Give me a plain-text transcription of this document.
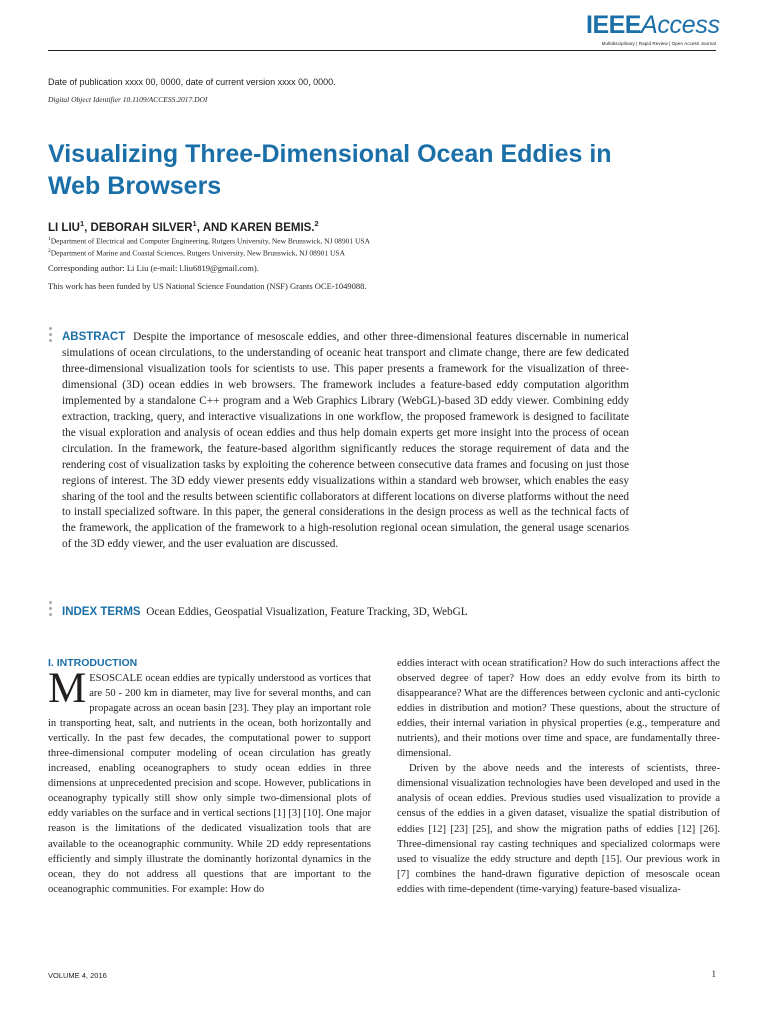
IEEEAccess
Multidisciplinary | Rapid Review | Open Access Journal
Date of publication xxxx 00, 0000, date of current version xxxx 00, 0000.
Digital Object Identifier 10.1109/ACCESS.2017.DOI
Visualizing Three-Dimensional Ocean Eddies in Web Browsers
LI LIU$^1$, DEBORAH SILVER$^1$, AND KAREN BEMIS.$^2$
$^1$Department of Electrical and Computer Engineering, Rutgers University, New Brunswick, NJ 08901 USA
$^2$Department of Marine and Coastal Sciences, Rutgers University, New Brunswick, NJ 08901 USA
Corresponding author: Li Liu (e-mail: l.liu6819@gmail.com).
This work has been funded by US National Science Foundation (NSF) Grants OCE-1049088.

ABSTRACT Despite the importance of mesoscale eddies, and other three-dimensional features discernable in numerical simulations of ocean circulations, to the understanding of oceanic heat transport and climate change, there are few dedicated three-dimensional visualization tools for scientists to use. This paper presents a framework for the visualization of three-dimensional (3D) ocean eddies in web browsers. The framework includes a feature-based eddy computation algorithm implemented by a standalone C++ program and a Web Graphics Library (WebGL)-based 3D eddy viewer. Combining eddy extraction, tracking, query, and interactive visualizations in one workflow, the proposed framework is designed to facilitate the visual exploration and analysis of ocean eddies and thus help domain experts get more insight into the process of ocean circulation. In the framework, the feature-based algorithm significantly reduces the storage requirement of data and the rendering cost of visualization tasks by exploiting the coherence between consecutive data frames and focusing on just those regions of interest. The 3D eddy viewer presents eddy visualizations within a standard web browser, which enables the easy sharing of the tool and the results between scientific collaborators at different locations on diverse platforms without the need to install specialized software. In this paper, the general considerations in the design process as well as the technical facts of the framework, the application of the framework to a high-resolution regional ocean simulation, the general usage scenarios of the 3D eddy viewer, and the user evaluation are discussed.

INDEX TERMS Ocean Eddies, Geospatial Visualization, Feature Tracking, 3D, WebGL
I. INTRODUCTION

MESOSCALE ocean eddies are typically understood as vortices that are 50 - 200 km in diameter, may live for several months, and can propagate across an ocean basin [23]. They play an important role in transporting heat, salt, and nutrients in the ocean, both horizontally and vertically. In the past few decades, the computational power to support three-dimensional computer modeling of ocean circulation has greatly increased, enabling oceanographers to study ocean eddies in three dimensions at unprecedented precision and scope. However, publications in oceanography typically still show only simple two-dimensional plots of eddy variables on the surface and in vertical sections [1] [3] [10]. One major reason is the limitations of the dedicated visualization tools that are available to the oceanographic community. While 2D eddy representations efficiently and simply illustrate the dominantly horizontal dynamics in the ocean, they do not address all questions that are important to the oceanographic communities. For example: How do

eddies interact with ocean stratification? How do such interactions affect the observed degree of taper? How does an eddy evolve from its birth to disappearance? What are the differences between cyclonic and anti-cyclonic eddies in distribution and motion? These questions, about the structure of eddies, their internal variation in physical properties (e.g., temperature and nutrients), and their motions over time and space, are fundamentally three-dimensional.

Driven by the above needs and the interests of scientists, three-dimensional visualization technologies have been developed and used in the analysis of ocean eddies. Previous studies used visualization to provide a census of the eddies in a given dataset, visualize the spatial distribution of eddies [12] [23] [25], and show the migration paths of eddies [12] [26]. Three-dimensional ray casting techniques and specialized colormaps were used to visualize the eddy structure and depth [15]. Our previous work in [7] combines the hand-drawn figurative depiction of mesoscale ocean eddies with time-dependent (time-varying) feature-based visualiza-

VOLUME 4, 2016	1
